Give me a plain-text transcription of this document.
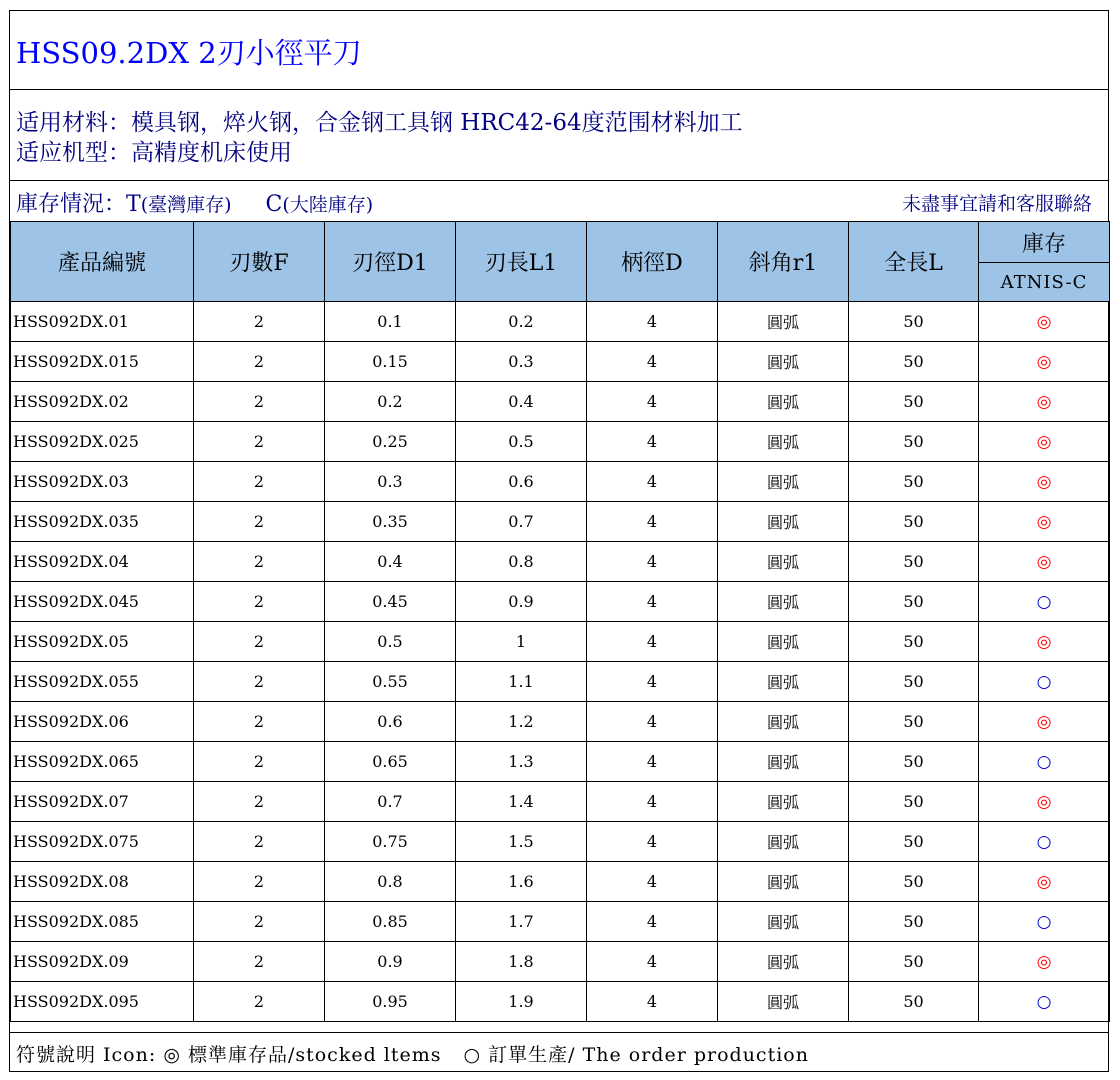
HSS09.2DX 2刃小徑平刀
适用材料：模具钢，焠火钢，合金钢工具钢 HRC42-64度范围材料加工
适应机型：高精度机床使用
庫存情況：T(臺灣庫存) C(大陸庫存)	未盡事宜請和客服聯絡
產品編號	刃數F	刃徑D1	刃長L1	柄徑D	斜角r1	全長L	庫存
							ATNIS-C
HSS092DX.01	2	0.1	0.2	4	圓弧	50	◎
HSS092DX.015	2	0.15	0.3	4	圓弧	50	◎
HSS092DX.02	2	0.2	0.4	4	圓弧	50	◎
HSS092DX.025	2	0.25	0.5	4	圓弧	50	◎
HSS092DX.03	2	0.3	0.6	4	圓弧	50	◎
HSS092DX.035	2	0.35	0.7	4	圓弧	50	◎
HSS092DX.04	2	0.4	0.8	4	圓弧	50	◎
HSS092DX.045	2	0.45	0.9	4	圓弧	50	○
HSS092DX.05	2	0.5	1	4	圓弧	50	◎
HSS092DX.055	2	0.55	1.1	4	圓弧	50	○
HSS092DX.06	2	0.6	1.2	4	圓弧	50	◎
HSS092DX.065	2	0.65	1.3	4	圓弧	50	○
HSS092DX.07	2	0.7	1.4	4	圓弧	50	◎
HSS092DX.075	2	0.75	1.5	4	圓弧	50	○
HSS092DX.08	2	0.8	1.6	4	圓弧	50	◎
HSS092DX.085	2	0.85	1.7	4	圓弧	50	○
HSS092DX.09	2	0.9	1.8	4	圓弧	50	◎
HSS092DX.095	2	0.95	1.9	4	圓弧	50	○
符號說明 Icon: ◎ 標準庫存品/stocked ltems ○ 訂單生產/ The order production
